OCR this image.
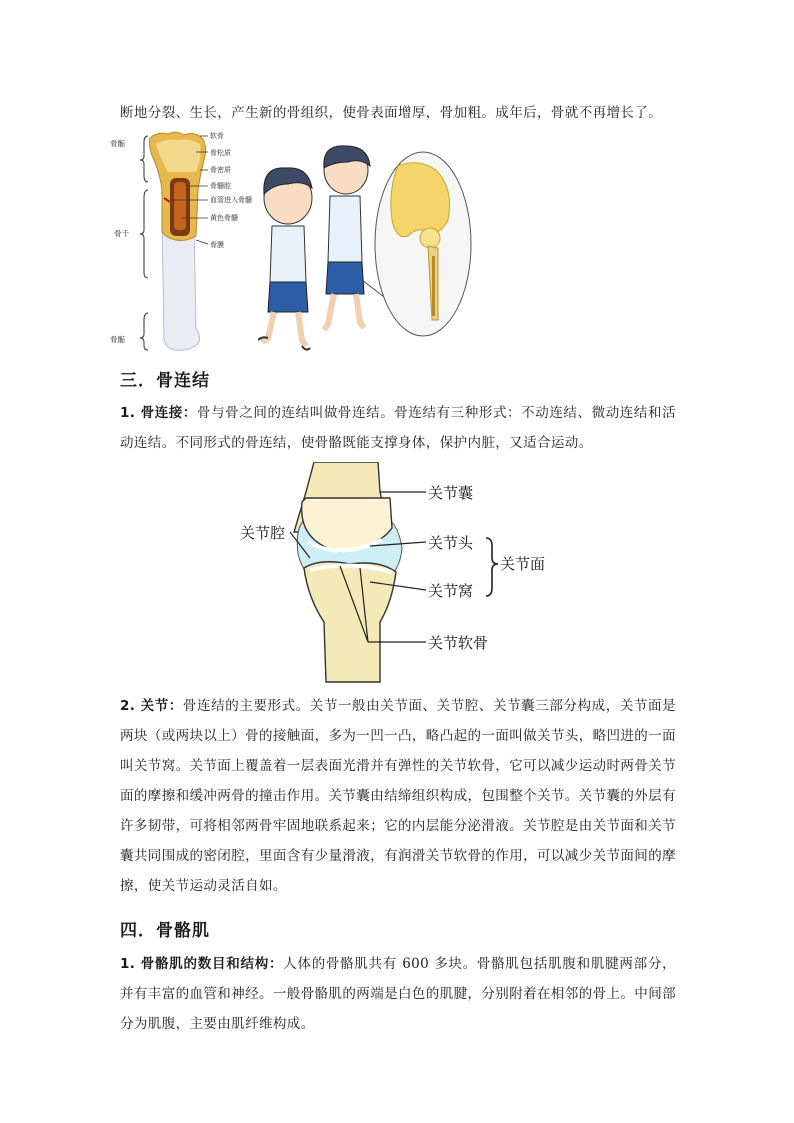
断地分裂、生长，产生新的骨组织，使骨表面增厚，骨加粗。成年后，骨就不再增长了。

骨骺
骨干
骨骺
软骨
骨松质
骨密质
骨髓腔
血管进入骨髓
黄色骨髓
骨膜
三．骨连结

1. 骨连接：骨与骨之间的连结叫做骨连结。骨连结有三种形式：不动连结、微动连结和活动连结。不同形式的骨连结，使骨骼既能支撑身体，保护内脏，又适合运动。

关节囊
关节腔
关节头
关节面
关节窝
关节软骨

2. 关节：骨连结的主要形式。关节一般由关节面、关节腔、关节囊三部分构成，关节面是两块（或两块以上）骨的接触面，多为一凹一凸，略凸起的一面叫做关节头，略凹进的一面叫关节窝。关节面上覆盖着一层表面光滑并有弹性的关节软骨，它可以减少运动时两骨关节面的摩擦和缓冲两骨的撞击作用。关节囊由结缔组织构成，包围整个关节。关节囊的外层有许多韧带，可将相邻两骨牢固地联系起来；它的内层能分泌滑液。关节腔是由关节面和关节囊共同围成的密闭腔，里面含有少量滑液，有润滑关节软骨的作用，可以减少关节面间的摩擦，使关节运动灵活自如。

四．骨骼肌

1. 骨骼肌的数目和结构：人体的骨骼肌共有 600 多块。骨骼肌包括肌腹和肌腱两部分，并有丰富的血管和神经。一般骨骼肌的两端是白色的肌腱，分别附着在相邻的骨上。中间部分为肌腹，主要由肌纤维构成。
